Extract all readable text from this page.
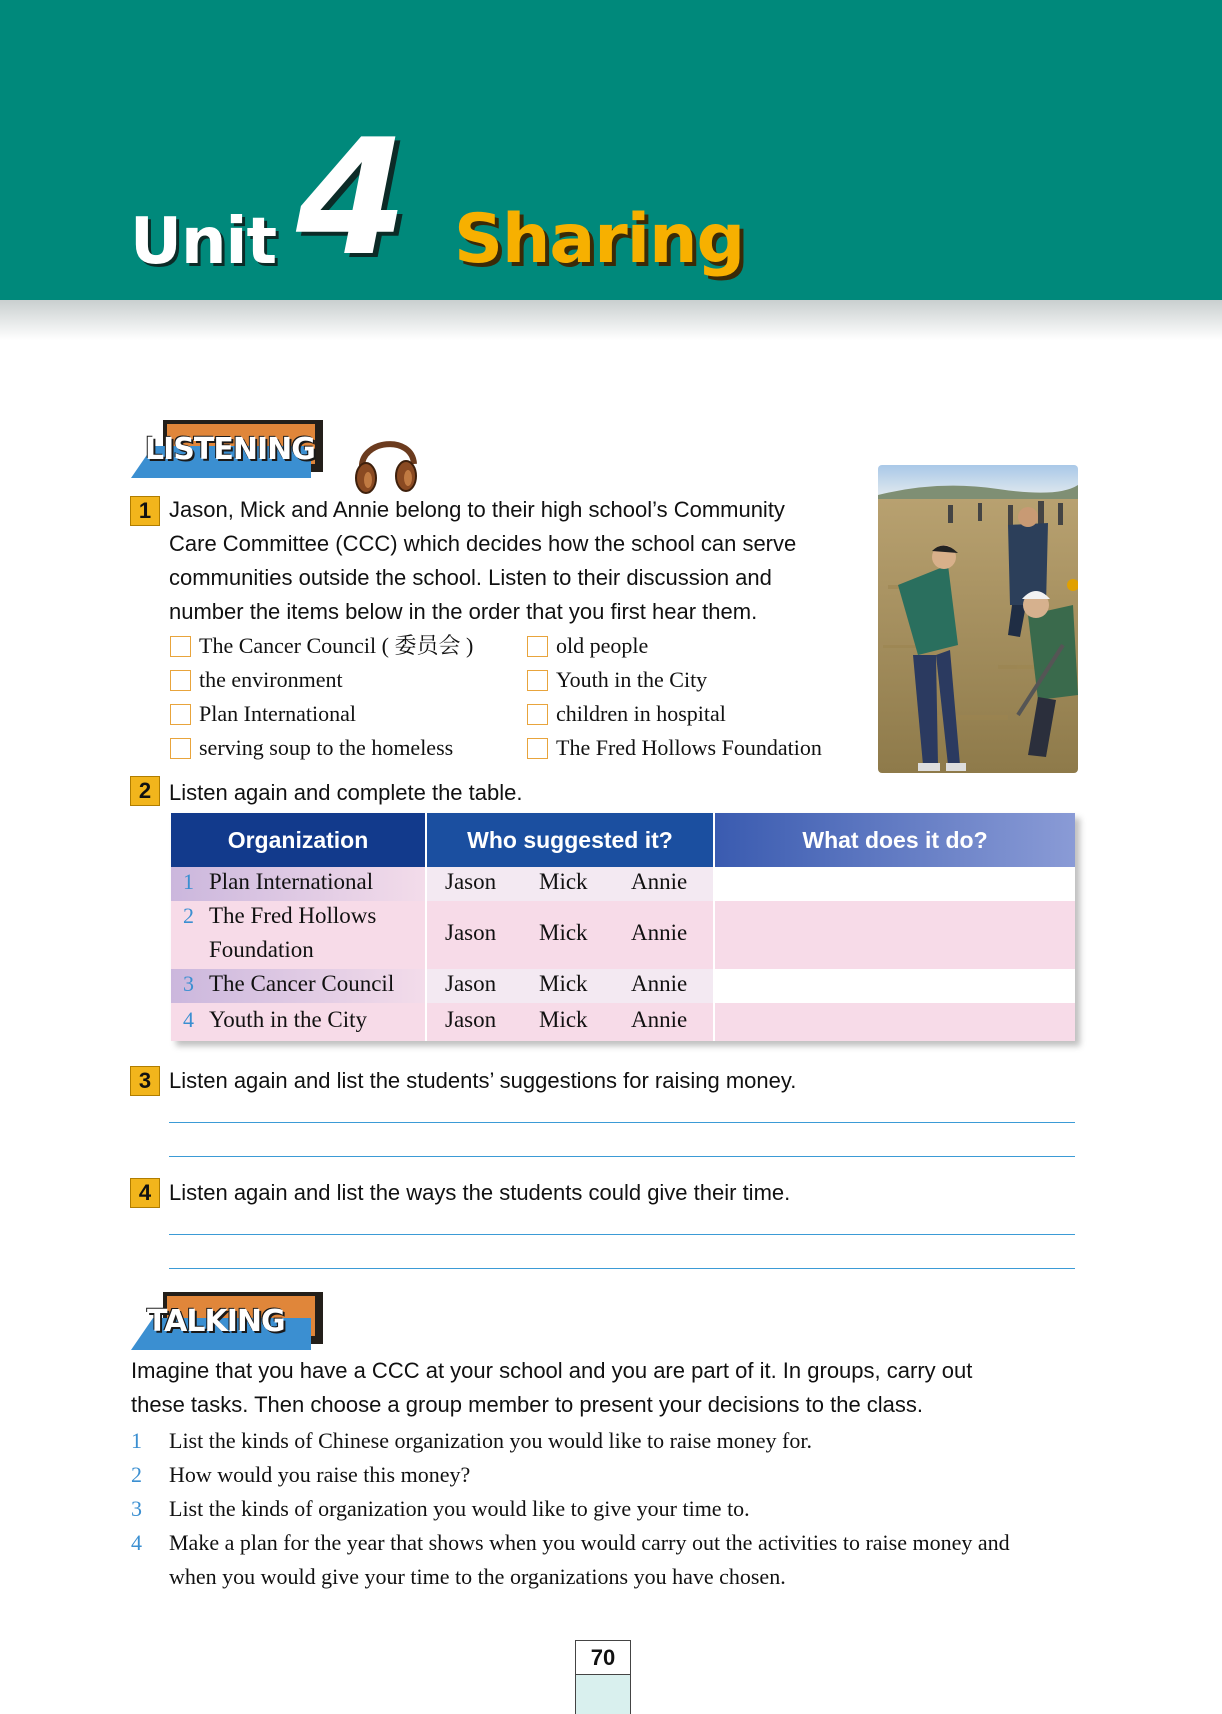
Unit 4 Sharing
LISTENING
1 Jason, Mick and Annie belong to their high school’s Community
Care Committee (CCC) which decides how the school can serve
communities outside the school. Listen to their discussion and
number the items below in the order that you first hear them.
The Cancer Council ( 委员会 )
the environment
Plan International
serving soup to the homeless
old people
Youth in the City
children in hospital
The Fred Hollows Foundation
2 Listen again and complete the table.
Organization	Who suggested it?	What does it do?
1 Plan International	Jason Mick Annie
2 The Fred Hollows
Foundation
Jason Mick Annie
3 The Cancer Council Jason Mick Annie
4 Youth in the City	Jason Mick Annie
3 Listen again and list the students’ suggestions for raising money.
4 Listen again and list the ways the students could give their time.
TALKING
Imagine that you have a CCC at your school and you are part of it. In groups, carry out
these tasks. Then choose a group member to present your decisions to the class.
1 List the kinds of Chinese organization you would like to raise money for.
2 How would you raise this money?
3 List the kinds of organization you would like to give your time to.
4 Make a plan for the year that shows when you would carry out the activities to raise money and
when you would give your time to the organizations you have chosen.
70
